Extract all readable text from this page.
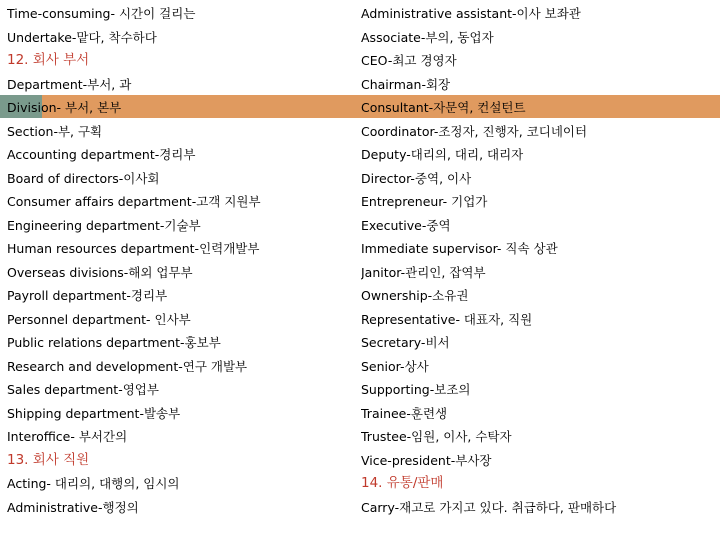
Time-consuming- 시간이 걸리는
Undertake-맡다, 착수하다
12. 회사 부서
Department-부서, 과
Division- 부서, 본부
Section-부, 구획
Accounting department-경리부
Board of directors-이사회
Consumer affairs department-고객 지원부
Engineering department-기술부
Human resources department-인력개발부
Overseas divisions-해외 업무부
Payroll department-경리부
Personnel department- 인사부
Public relations department-홍보부
Research and development-연구 개발부
Sales department-영업부
Shipping department-발송부
Interoffice- 부서간의
13. 회사 직원
Acting- 대리의, 대행의, 임시의
Administrative-행정의
Administrative assistant-이사 보좌관
Associate-부의, 동업자
CEO-최고 경영자
Chairman-회장
Consultant-자문역, 컨설턴트
Coordinator-조정자, 진행자, 코디네이터
Deputy-대리의, 대리, 대리자
Director-중역, 이사
Entrepreneur- 기업가
Executive-중역
Immediate supervisor- 직속 상관
Janitor-관리인, 잡역부
Ownership-소유권
Representative- 대표자, 직원
Secretary-비서
Senior-상사
Supporting-보조의
Trainee-훈련생
Trustee-임원, 이사, 수탁자
Vice-president-부사장
14. 유통/판매
Carry-재고로 가지고 있다. 취급하다, 판매하다
